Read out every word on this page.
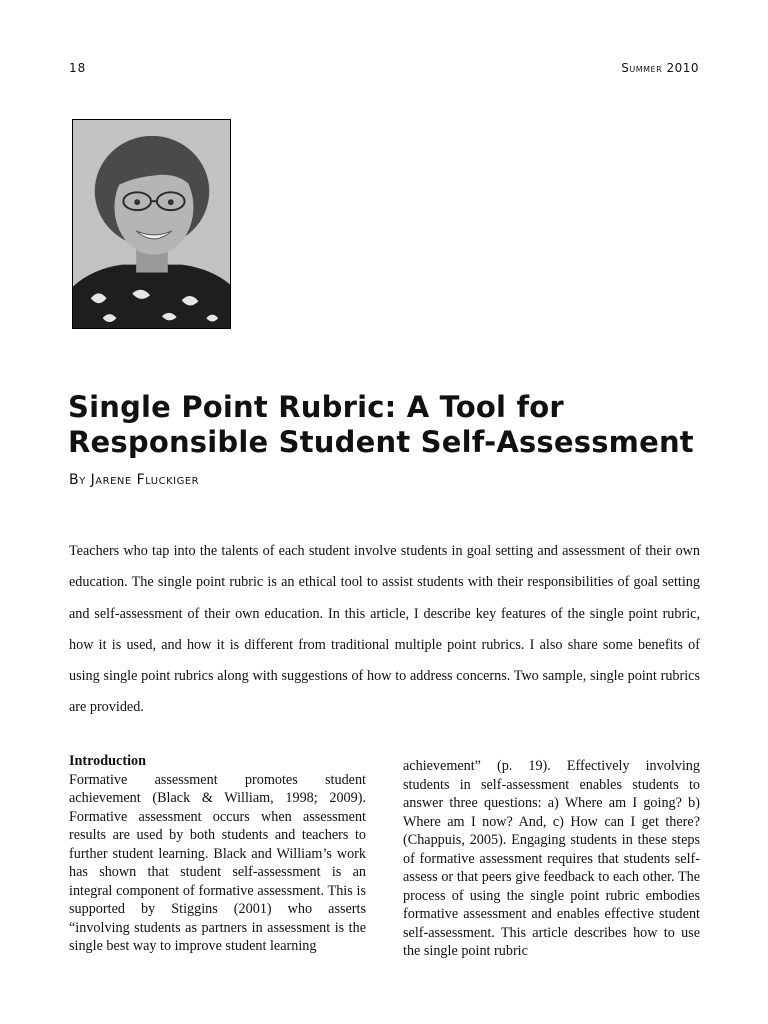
18	Summer 2010
Single Point Rubric: A Tool for Responsible Student Self-Assessment
By Jarene Fluckiger

Teachers who tap into the talents of each student involve students in goal setting and assessment of their own education. The single point rubric is an ethical tool to assist students with their responsibilities of goal setting and self-assessment of their own education. In this article, I describe key features of the single point rubric, how it is used, and how it is different from traditional multiple point rubrics. I also share some benefits of using single point rubrics along with suggestions of how to address concerns. Two sample, single point rubrics are provided.

Introduction

Formative assessment promotes student achievement (Black & William, 1998; 2009). Formative assessment occurs when assessment results are used by both students and teachers to further student learning. Black and William’s work has shown that student self-assessment is an integral component of formative assessment. This is supported by Stiggins (2001) who asserts “involving students as partners in assessment is the single best way to improve student learning

achievement” (p. 19). Effectively involving students in self-assessment enables students to answer three questions: a) Where am I going? b) Where am I now? And, c) How can I get there? (Chappuis, 2005). Engaging students in these steps of formative assessment requires that students self-assess or that peers give feedback to each other. The process of using the single point rubric embodies formative assessment and enables effective student self-assessment. This article describes how to use the single point rubric
